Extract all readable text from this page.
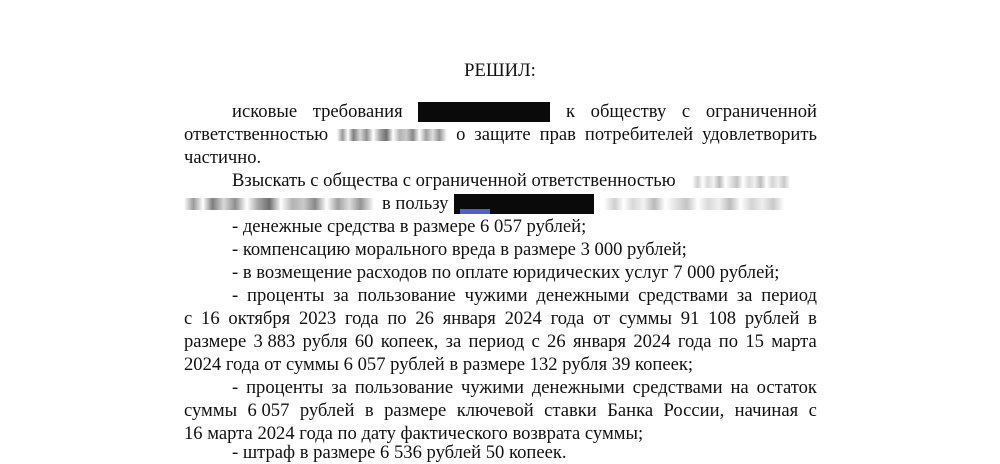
РЕШИЛ:
исковые требования	к обществу с ограниченной
ответственностью	о защите прав потребителей удовлетворить
частично.
Взыскать с общества с ограниченной ответственностью
в пользу
- денежные средства в размере 6 057 рублей;
- компенсацию морального вреда в размере 3 000 рублей;
- в возмещение расходов по оплате юридических услуг 7 000 рублей;
- проценты за пользование чужими денежными средствами за период
с 16 октября 2023 года по 26 января 2024 года от суммы 91 108 рублей в
размере 3 883 рубля 60 копеек, за период с 26 января 2024 года по 15 марта
2024 года от суммы 6 057 рублей в размере 132 рубля 39 копеек;
- проценты за пользование чужими денежными средствами на остаток
суммы 6 057 рублей в размере ключевой ставки Банка России, начиная с
16 марта 2024 года по дату фактического возврата суммы;
- штраф в размере 6 536 рублей 50 копеек.
